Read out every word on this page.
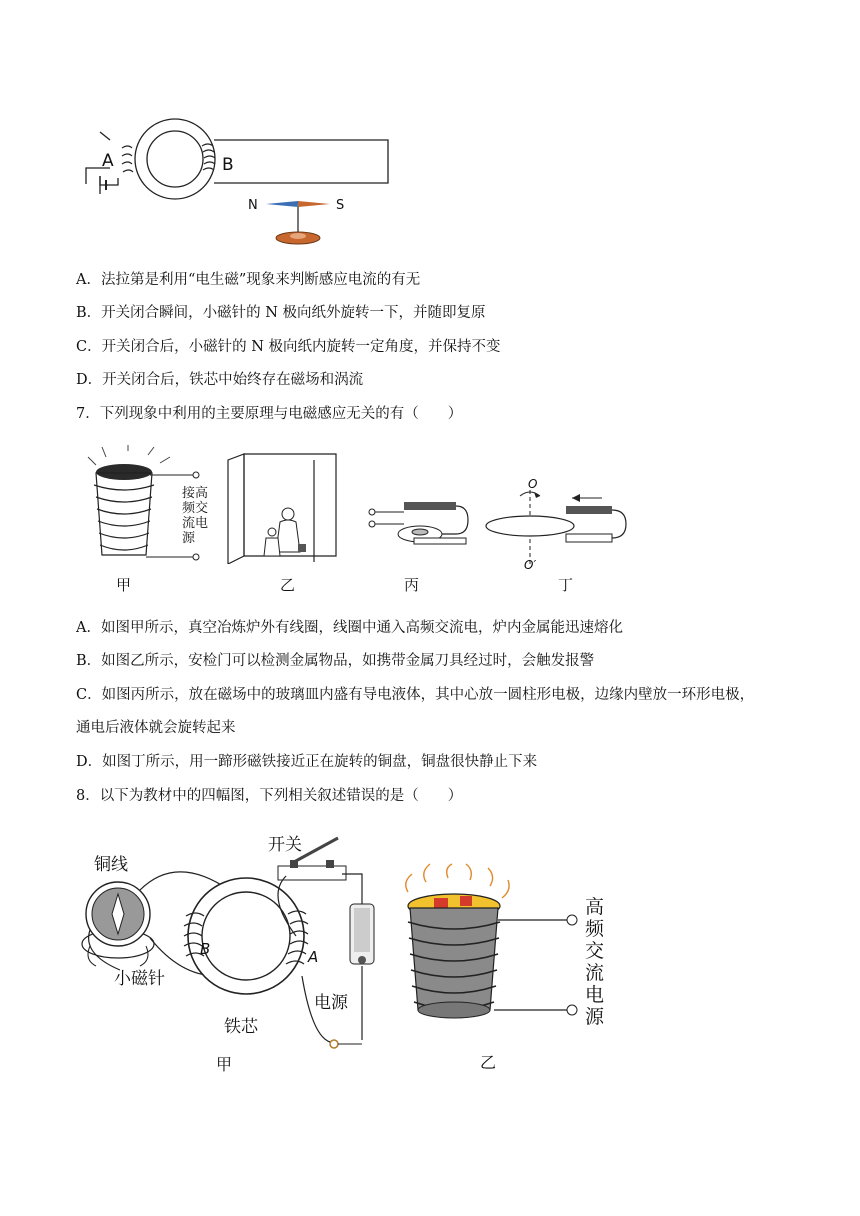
A	B
N	S
A．法拉第是利用“电生磁”现象来判断感应电流的有无
B．开关闭合瞬间，小磁针的 N 极向纸外旋转一下，并随即复原
C．开关闭合后，小磁针的 N 极向纸内旋转一定角度，并保持不变
D．开关闭合后，铁芯中始终存在磁场和涡流
7．下列现象中利用的主要原理与电磁感应无关的有（　　）
接高
频交
流电
源
O
O′
甲	乙	丙	丁
A．如图甲所示，真空冶炼炉外有线圈，线圈中通入高频交流电，炉内金属能迅速熔化
B．如图乙所示，安检门可以检测金属物品，如携带金属刀具经过时，会触发报警
C．如图丙所示，放在磁场中的玻璃皿内盛有导电液体，其中心放一圆柱形电极，边缘内壁放一环形电极，
通电后液体就会旋转起来
D．如图丁所示，用一蹄形磁铁接近正在旋转的铜盘，铜盘很快静止下来
8．以下为教材中的四幅图，下列相关叙述错误的是（　　）
开关
铜线
小磁针
铁芯
电源
B	A
甲	乙
高
频
交
流
电
源
